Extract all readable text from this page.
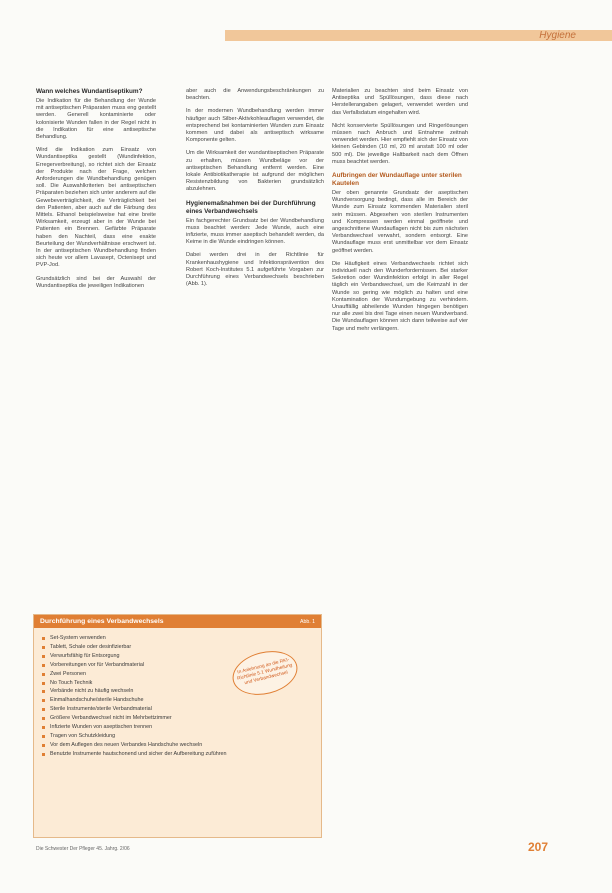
Hygiene
Wann welches Wundantiseptikum?

Die Indikation für die Behandlung der Wunde mit antiseptischen Präparaten muss eng gestellt werden. Generell kontaminierte oder kolonisierte Wunden fallen in der Regel nicht in die Indikation für eine antiseptische Behandlung.

Wird die Indikation zum Einsatz von Wundantiseptika gestellt (Wundinfektion, Erregerverbreitung), so richtet sich der Einsatz der Produkte nach der Frage, welchen Anforderungen die Wundbehandlung genügen soll. Die Auswahlkriterien bei antiseptischen Präparaten beziehen sich unter anderem auf die Gewebeverträglichkeit, die Verträglichkeit bei den Patienten, aber auch auf die Färbung des Mittels. Ethanol beispielsweise hat eine breite Wirksamkeit, erzeugt aber in der Wunde bei Patienten ein Brennen. Gefärbte Präparate haben den Nachteil, dass eine exakte Beurteilung der Wundverhältnisse erschwert ist. In der antiseptischen Wundbehandlung finden sich heute vor allem Lavasept, Octenisept und PVP-Jod.

Grundsätzlich sind bei der Auswahl der Wundantiseptika die jeweiligen Indikationen

aber auch die Anwendungsbeschränkungen zu beachten.

In der modernen Wundbehandlung werden immer häufiger auch Silber-Aktivkohleauflagen verwendet, die entsprechend bei kontaminierten Wunden zum Einsatz kommen und dabei als antiseptisch wirksame Komponente gelten.

Um die Wirksamkeit der wundantiseptischen Präparate zu erhalten, müssen Wundbeläge vor der antiseptischen Behandlung entfernt werden. Eine lokale Antibiotikatherapie ist aufgrund der möglichen Resistenzbildung von Bakterien grundsätzlich abzulehnen.

Hygienemaßnahmen bei der Durchführung eines Verbandwechsels

Ein fachgerechter Grundsatz bei der Wundbehandlung muss beachtet werden: Jede Wunde, auch eine infizierte, muss immer aseptisch behandelt werden, da Keime in die Wunde eindringen können.

Dabei werden drei in der Richtlinie für Krankenhaushygiene und Infektionsprävention des Robert Koch-Institutes 5.1 aufgeführte Vorgaben zur Durchführung eines Verbandwechsels beschrieben (Abb. 1).

Materialien zu beachten sind beim Einsatz von Antiseptika und Spüllösungen, dass diese nach Herstellerangaben gelagert, verwendet werden und das Verfallsdatum eingehalten wird.

Nicht konservierte Spüllösungen und Ringerlösungen müssen nach Anbruch und Entnahme zeitnah verwendet werden. Hier empfiehlt sich der Einsatz von kleinen Gebinden (10 ml, 20 ml anstatt 100 ml oder 500 ml). Die jeweilige Haltbarkeit nach dem Öffnen muss beachtet werden.

Aufbringen der Wundauflage unter sterilen Kautelen

Der oben genannte Grundsatz der aseptischen Wundversorgung bedingt, dass alle im Bereich der Wunde zum Einsatz kommenden Materialien steril sein müssen. Abgesehen von sterilen Instrumenten und Kompressen werden einmal geöffnete und angeschnittene Wundauflagen nicht bis zum nächsten Verbandwechsel verwahrt, sondern entsorgt. Eine Wundauflage muss erst unmittelbar vor dem Einsatz geöffnet werden.

Die Häufigkeit eines Verbandwechsels richtet sich individuell nach den Wunderfordernissen. Bei starker Sekretion oder Wundinfektion erfolgt in aller Regel täglich ein Verbandwechsel, um die Keimzahl in der Wunde so gering wie möglich zu halten und eine Kontamination der Wundumgebung zu verhindern. Unauffällig abheilende Wunden hingegen benötigen nur alle zwei bis drei Tage einen neuen Wundverband. Die Wundauflagen können sich dann teilweise auf vier Tage und mehr verlängern.

Durchführung eines Verbandwechsels	Abb. 1
Set-System verwenden
Tablett, Schale oder desinfizierbar
Verwurfsfähig für Entsorgung
Vorbereitungen vor für Verbandmaterial
Zwei Personen
No Touch Technik
Verbände nicht zu häufig wechseln
Einmalhandschuhe/sterile Handschuhe
Sterile Instrumente/sterile Verbandmaterial
Größere Verbandwechsel nicht im Mehrbettzimmer
Infizierte Wunden von aseptischen trennen
Tragen von Schutzkleidung
Vor dem Auflegen des neuen Verbandes Handschuhe wechseln
Benutzte Instrumente hautschonend und sicher der Aufbereitung zuführen
In Anlehnung an die RKI-Richtlinie 5.1 Wundheilung und Verbandwechsel
Die Schwester Der Pfleger 45. Jahrg. 2/06	207
